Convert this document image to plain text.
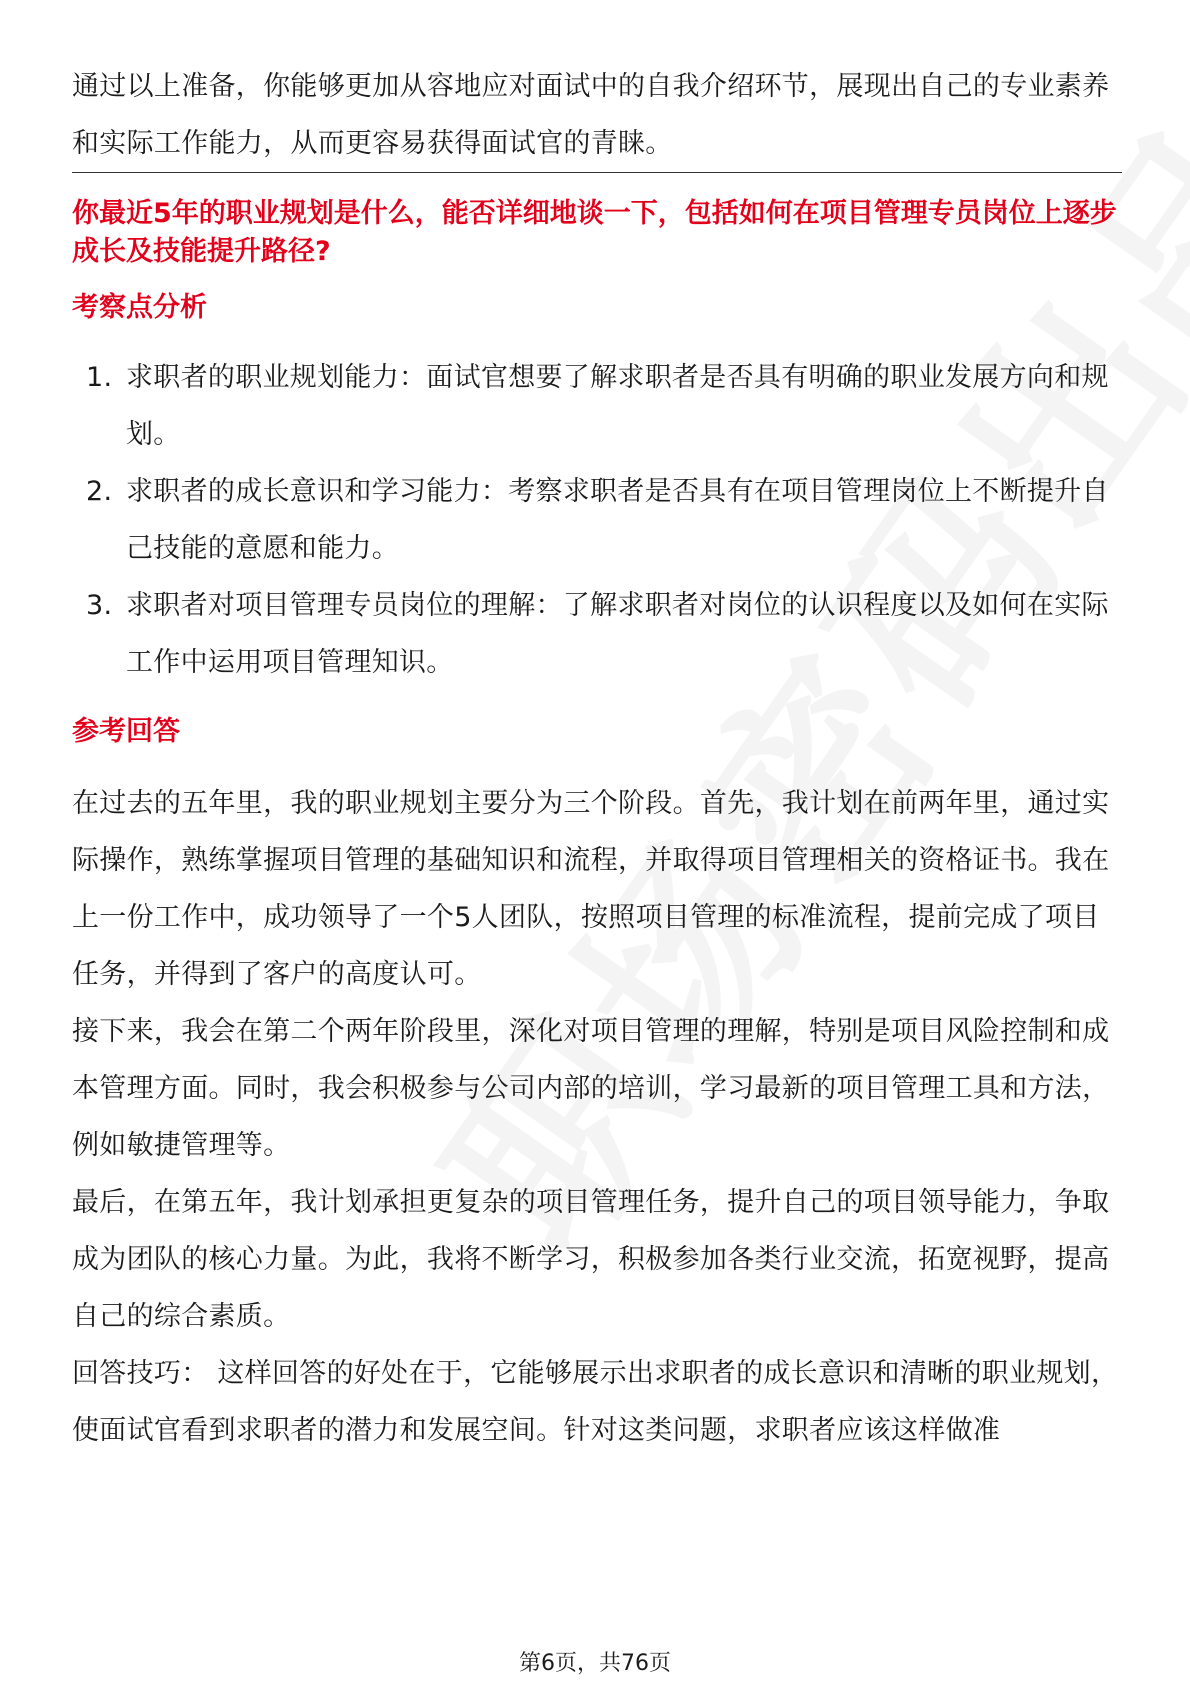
通过以上准备，你能够更加从容地应对面试中的自我介绍环节，展现出自己的专业素养和实际工作能力，从而更容易获得面试官的青睐。

你最近5年的职业规划是什么，能否详细地谈一下，包括如何在项目管理专员岗位上逐步成长及技能提升路径?

考察点分析

1. 求职者的职业规划能力：面试官想要了解求职者是否具有明确的职业发展方向和规划。
2. 求职者的成长意识和学习能力：考察求职者是否具有在项目管理岗位上不断提升自己技能的意愿和能力。
3. 求职者对项目管理专员岗位的理解：了解求职者对岗位的认识程度以及如何在实际工作中运用项目管理知识。

参考回答

在过去的五年里，我的职业规划主要分为三个阶段。首先，我计划在前两年里，通过实际操作，熟练掌握项目管理的基础知识和流程，并取得项目管理相关的资格证书。我在上一份工作中，成功领导了一个5人团队，按照项目管理的标准流程，提前完成了项目任务，并得到了客户的高度认可。

接下来，我会在第二个两年阶段里，深化对项目管理的理解，特别是项目风险控制和成本管理方面。同时，我会积极参与公司内部的培训，学习最新的项目管理工具和方法，例如敏捷管理等。

最后，在第五年，我计划承担更复杂的项目管理任务，提升自己的项目领导能力，争取成为团队的核心力量。为此，我将不断学习，积极参加各类行业交流，拓宽视野，提高自己的综合素质。

回答技巧： 这样回答的好处在于，它能够展示出求职者的成长意识和清晰的职业规划，使面试官看到求职者的潜力和发展空间。针对这类问题，求职者应该这样做准

第6页，共76页
